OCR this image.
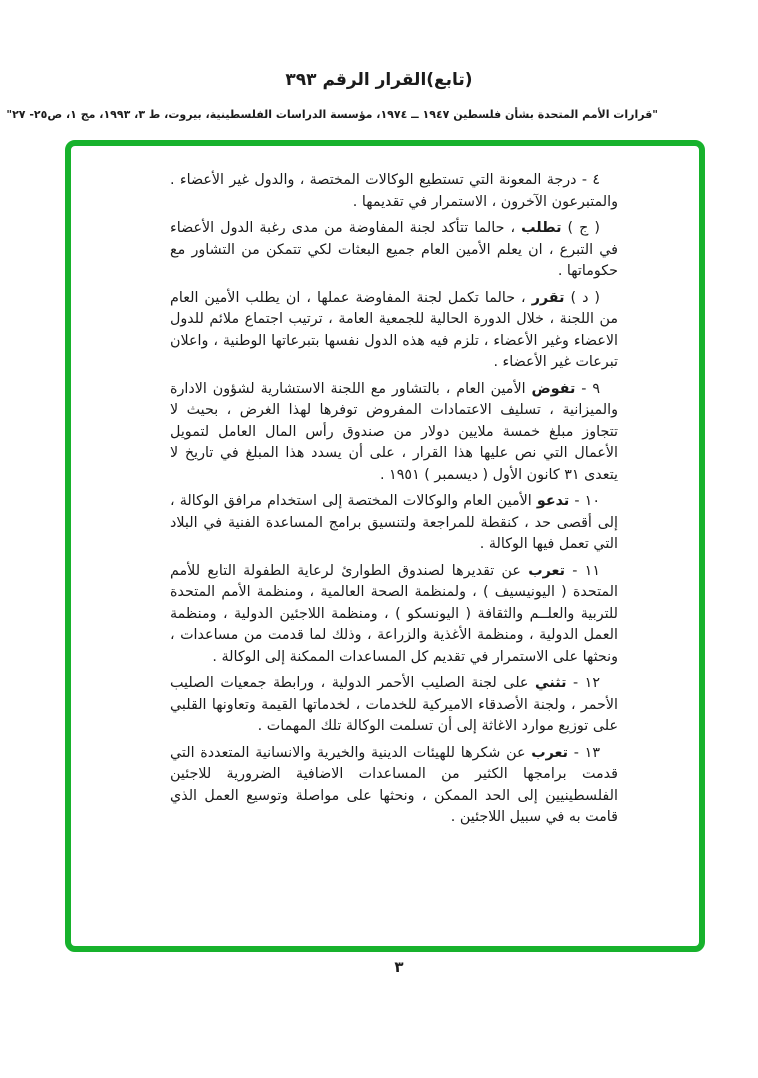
(تابع)القرار الرقم ٣٩٣
"قرارات الأمم المتحدة بشأن فلسطين ١٩٤٧ ــ ١٩٧٤، مؤسسة الدراسات الفلسطينية، بيروت، ط ٣، ١٩٩٣، مج ١، ص٢٥- ٢٧"

٤ - درجة المعونة التي تستطيع الوكالات المختصة ، والدول غير الأعضاء . والمتبرعون الآخرون ، الاستمرار في تقديمها .

( ج ) تطلب ، حالما تتأكد لجنة المفاوضة من مدى رغبة الدول الأعضاء في التبرع ، ان يعلم الأمين العام جميع البعثات لكي تتمكن من التشاور مع حكوماتها .

( د ) تقرر ، حالما تكمل لجنة المفاوضة عملها ، ان يطلب الأمين العام من اللجنة ، خلال الدورة الحالية للجمعية العامة ، ترتيب اجتماع ملائم للدول الاعضاء وغير الأعضاء ، تلزم فيه هذه الدول نفسها بتبرعاتها الوطنية ، واعلان تبرعات غير الأعضاء .

٩ - تفوض الأمين العام ، بالتشاور مع اللجنة الاستشارية لشؤون الادارة والميزانية ، تسليف الاعتمادات المفروض توفرها لهذا الغرض ، بحيث لا تتجاوز مبلغ خمسة ملايين دولار من صندوق رأس المال العامل لتمويل الأعمال التي نص عليها هذا القرار ، على أن يسدد هذا المبلغ في تاريخ لا يتعدى ٣١ كانون الأول ( ديسمبر ) ١٩٥١ .

١٠ - تدعو الأمين العام والوكالات المختصة إلى استخدام مرافق الوكالة ، إلى أقصى حد ، كنقطة للمراجعة ولتنسيق برامج المساعدة الفنية في البلاد التي تعمل فيها الوكالة .

١١ - تعرب عن تقديرها لصندوق الطوارئ لرعاية الطفولة التابع للأمم المتحدة ( اليونيسيف ) ، ولمنظمة الصحة العالمية ، ومنظمة الأمم المتحدة للتربية والعلــم والثقافة ( اليونسكو ) ، ومنظمة اللاجئين الدولية ، ومنظمة العمل الدولية ، ومنظمة الأغذية والزراعة ، وذلك لما قدمت من مساعدات ، ونحثها على الاستمرار في تقديم كل المساعدات الممكنة إلى الوكالة .

١٢ - تثني على لجنة الصليب الأحمر الدولية ، ورابطة جمعيات الصليب الأحمر ، ولجنة الأصدقاء الاميركية للخدمات ، لخدماتها القيمة وتعاونها القلبي على توزيع موارد الاغاثة إلى أن تسلمت الوكالة تلك المهمات .

١٣ - تعرب عن شكرها للهيئات الدينية والخيرية والانسانية المتعددة التي قدمت برامجها الكثير من المساعدات الاضافية الضرورية للاجئين الفلسطينيين إلى الحد الممكن ، ونحثها على مواصلة وتوسيع العمل الذي قامت به في سبيل اللاجئين .

٣
